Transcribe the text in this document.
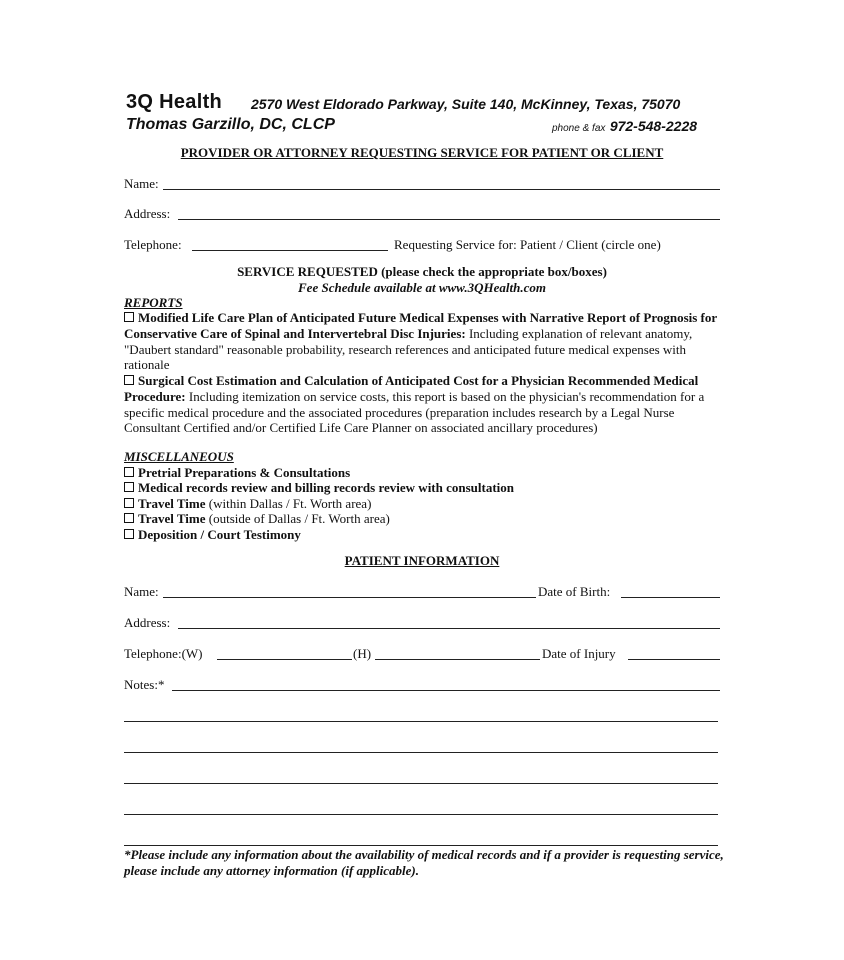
3Q Health 2570 West Eldorado Parkway, Suite 140, McKinney, Texas, 75070
Thomas Garzillo, DC, CLCP	phone & fax 972-548-2228
PROVIDER OR ATTORNEY REQUESTING SERVICE FOR PATIENT OR CLIENT
Name:
Address:
Telephone:	Requesting Service for: Patient / Client (circle one)
SERVICE REQUESTED (please check the appropriate box/boxes)
Fee Schedule available at www.3QHealth.com
REPORTS
Modified Life Care Plan of Anticipated Future Medical Expenses with Narrative Report of Prognosis for Conservative Care of Spinal and Intervertebral Disc Injuries: Including explanation of relevant anatomy, "Daubert standard" reasonable probability, research references and anticipated future medical expenses with rationale
Surgical Cost Estimation and Calculation of Anticipated Cost for a Physician Recommended Medical Procedure: Including itemization on service costs, this report is based on the physician's recommendation for a specific medical procedure and the associated procedures (preparation includes research by a Legal Nurse Consultant Certified and/or Certified Life Care Planner on associated ancillary procedures)
MISCELLANEOUS
Pretrial Preparations & Consultations
Medical records review and billing records review with consultation
Travel Time (within Dallas / Ft. Worth area)
Travel Time (outside of Dallas / Ft. Worth area)
Deposition / Court Testimony
PATIENT INFORMATION
Name:	Date of Birth:
Address:
Telephone:(W)	(H)	Date of Injury
Notes:*
*Please include any information about the availability of medical records and if a provider is requesting service, please include any attorney information (if applicable).
